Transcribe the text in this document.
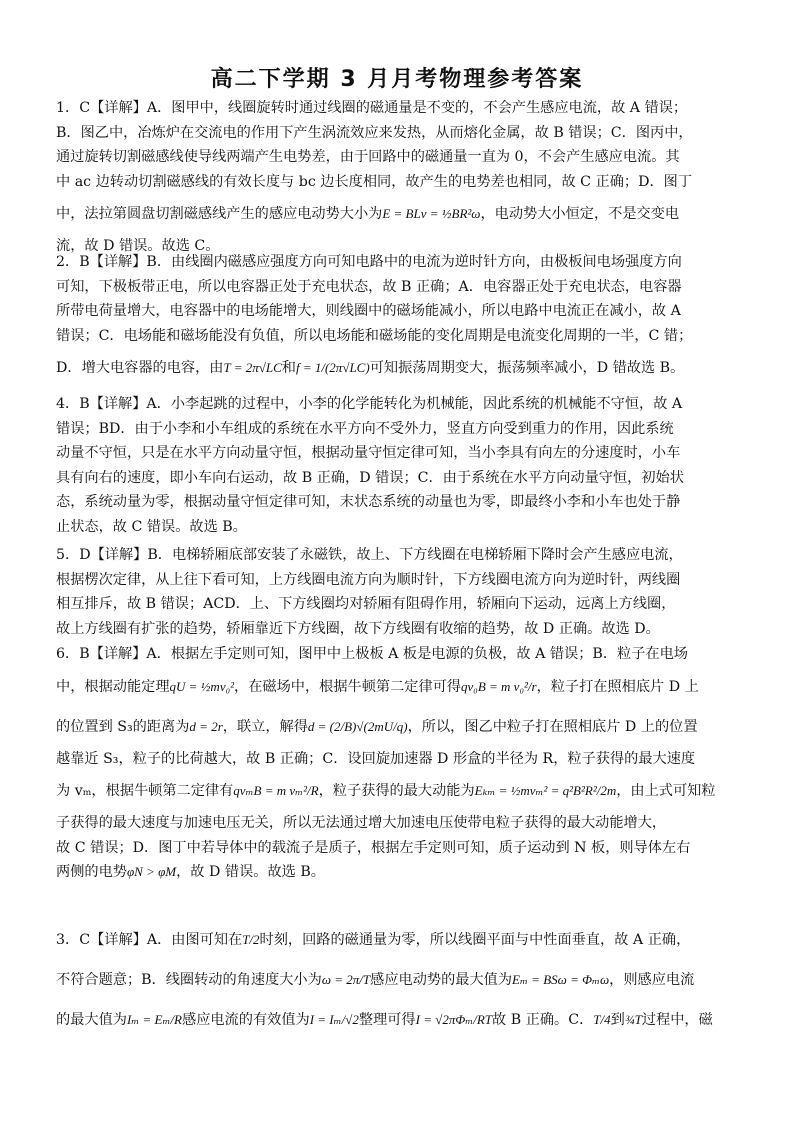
高二下学期 3 月月考物理参考答案
1．C【详解】A．图甲中，线圈旋转时通过线圈的磁通量是不变的，不会产生感应电流，故 A 错误；
B．图乙中，冶炼炉在交流电的作用下产生涡流效应来发热，从而熔化金属，故 B 错误；C．图丙中，
通过旋转切割磁感线使导线两端产生电势差，由于回路中的磁通量一直为 0，不会产生感应电流。其
中 ac 边转动切割磁感线的有效长度与 bc 边长度相同，故产生的电势差也相同，故 C 正确；D．图丁
中，法拉第圆盘切割磁感线产生的感应电动势大小为E = BLv = ½BR²ω，电动势大小恒定，不是交变电
流，故 D 错误。故选 C。
2．B【详解】B．由线圈内磁感应强度方向可知电路中的电流为逆时针方向，由极板间电场强度方向
可知，下极板带正电，所以电容器正处于充电状态，故 B 正确；A．电容器正处于充电状态，电容器
所带电荷量增大，电容器中的电场能增大，则线圈中的磁场能减小，所以电路中电流正在减小，故 A
错误；C．电场能和磁场能没有负值，所以电场能和磁场能的变化周期是电流变化周期的一半，C 错；
D．增大电容器的电容，由T = 2π√LC和f = 1/(2π√LC)可知振荡周期变大，振荡频率减小，D 错故选 B。
4．B【详解】A．小李起跳的过程中，小李的化学能转化为机械能，因此系统的机械能不守恒，故 A
错误；BD．由于小李和小车组成的系统在水平方向不受外力，竖直方向受到重力的作用，因此系统
动量不守恒，只是在水平方向动量守恒，根据动量守恒定律可知，当小李具有向左的分速度时，小车
具有向右的速度，即小车向右运动，故 B 正确，D 错误；C．由于系统在水平方向动量守恒，初始状
态，系统动量为零，根据动量守恒定律可知，末状态系统的动量也为零，即最终小李和小车也处于静
止状态，故 C 错误。故选 B。
5．D【详解】B．电梯轿厢底部安装了永磁铁，故上、下方线圈在电梯轿厢下降时会产生感应电流，
根据楞次定律，从上往下看可知，上方线圈电流方向为顺时针，下方线圈电流方向为逆时针，两线圈
相互排斥，故 B 错误；ACD．上、下方线圈均对轿厢有阻碍作用，轿厢向下运动，远离上方线圈，
故上方线圈有扩张的趋势，轿厢靠近下方线圈，故下方线圈有收缩的趋势，故 D 正确。故选 D。
6．B【详解】A．根据左手定则可知，图甲中上极板 A 板是电源的负极，故 A 错误；B．粒子在电场
中，根据动能定理qU = ½mv₀²，在磁场中，根据牛顿第二定律可得qv₀B = m v₀²/r，粒子打在照相底片 D 上
的位置到 S₃的距离为d = 2r，联立，解得d = (2/B)√(2mU/q)，所以，图乙中粒子打在照相底片 D 上的位置
越靠近 S₃，粒子的比荷越大，故 B 正确；C．设回旋加速器 D 形盒的半径为 R，粒子获得的最大速度
为 vₘ，根据牛顿第二定律有qvₘB = m vₘ²/R，粒子获得的最大动能为Eₖₘ = ½mvₘ² = q²B²R²/2m，由上式可知粒
子获得的最大速度与加速电压无关，所以无法通过增大加速电压使带电粒子获得的最大动能增大，
故 C 错误；D．图丁中若导体中的载流子是质子，根据左手定则可知，质子运动到 N 板，则导体左右
两侧的电势φN > φM，故 D 错误。故选 B。
3．C【详解】A．由图可知在T/2时刻，回路的磁通量为零，所以线圈平面与中性面垂直，故 A 正确，
不符合题意；B．线圈转动的角速度大小为ω = 2π/T感应电动势的最大值为Eₘ = BSω = Φₘω，则感应电流
的最大值为Iₘ = Eₘ/R感应电流的有效值为I = Iₘ/√2整理可得I = √2πΦₘ/RT故 B 正确。C．T/4到¾T过程中，磁
